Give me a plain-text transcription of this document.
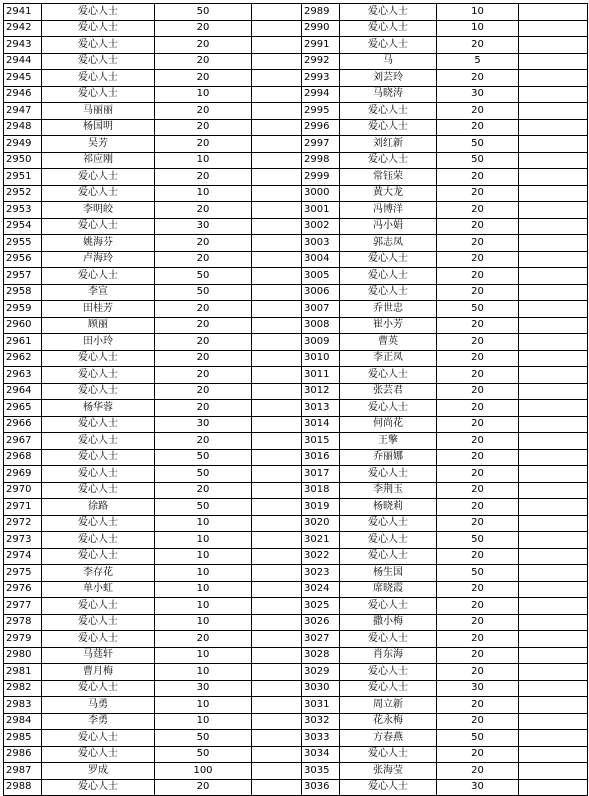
2941	爱心人士	50		2989	爱心人士	10	
2942	爱心人士	20		2990	爱心人士	10	
2943	爱心人士	20		2991	爱心人士	20	
2944	爱心人士	20		2992	马	5	
2945	爱心人士	20		2993	刘芸玲	20	
2946	爱心人士	10		2994	马晓涛	30	
2947	马丽丽	20		2995	爱心人士	20	
2948	杨国明	20		2996	爱心人士	20	
2949	吴芳	20		2997	刘红新	50	
2950	祁应刚	10		2998	爱心人士	50	
2951	爱心人士	20		2999	常钰荣	20	
2952	爱心人士	10		3000	黄大龙	20	
2953	李明皎	20		3001	冯博洋	20	
2954	爱心人士	30		3002	冯小娟	20	
2955	姚海芬	20		3003	郭志凤	20	
2956	卢海玲	20		3004	爱心人士	20	
2957	爱心人士	50		3005	爱心人士	20	
2958	李宣	50		3006	爱心人士	20	
2959	田桂芳	20		3007	乔世忠	50	
2960	顾丽	20		3008	崔小芳	20	
2961	田小玲	20		3009	曹英	20	
2962	爱心人士	20		3010	李正凤	20	
2963	爱心人士	20		3011	爱心人士	20	
2964	爱心人士	20		3012	张芸君	20	
2965	杨华蓉	20		3013	爱心人士	20	
2966	爱心人士	30		3014	何尚花	20	
2967	爱心人士	20		3015	王擎	20	
2968	爱心人士	50		3016	乔丽娜	20	
2969	爱心人士	50		3017	爱心人士	20	
2970	爱心人士	20		3018	李荆玉	20	
2971	徐路	50		3019	杨晓莉	20	
2972	爱心人士	10		3020	爱心人士	20	
2973	爱心人士	10		3021	爱心人士	50	
2974	爱心人士	10		3022	爱心人士	20	
2975	李存花	10		3023	杨生国	50	
2976	单小虹	10		3024	席晓霞	20	
2977	爱心人士	10		3025	爱心人士	20	
2978	爱心人士	10		3026	撒小梅	20	
2979	爱心人士	20		3027	爱心人士	20	
2980	马莛轩	10		3028	肖东海	20	
2981	曹月梅	10		3029	爱心人士	20	
2982	爱心人士	30		3030	爱心人士	30	
2983	马勇	10		3031	周立新	20	
2984	李勇	10		3032	花永梅	20	
2985	爱心人士	50		3033	方春燕	50	
2986	爱心人士	50		3034	爱心人士	20	
2987	罗成	100		3035	张海莹	20	
2988	爱心人士	20		3036	爱心人士	30	
